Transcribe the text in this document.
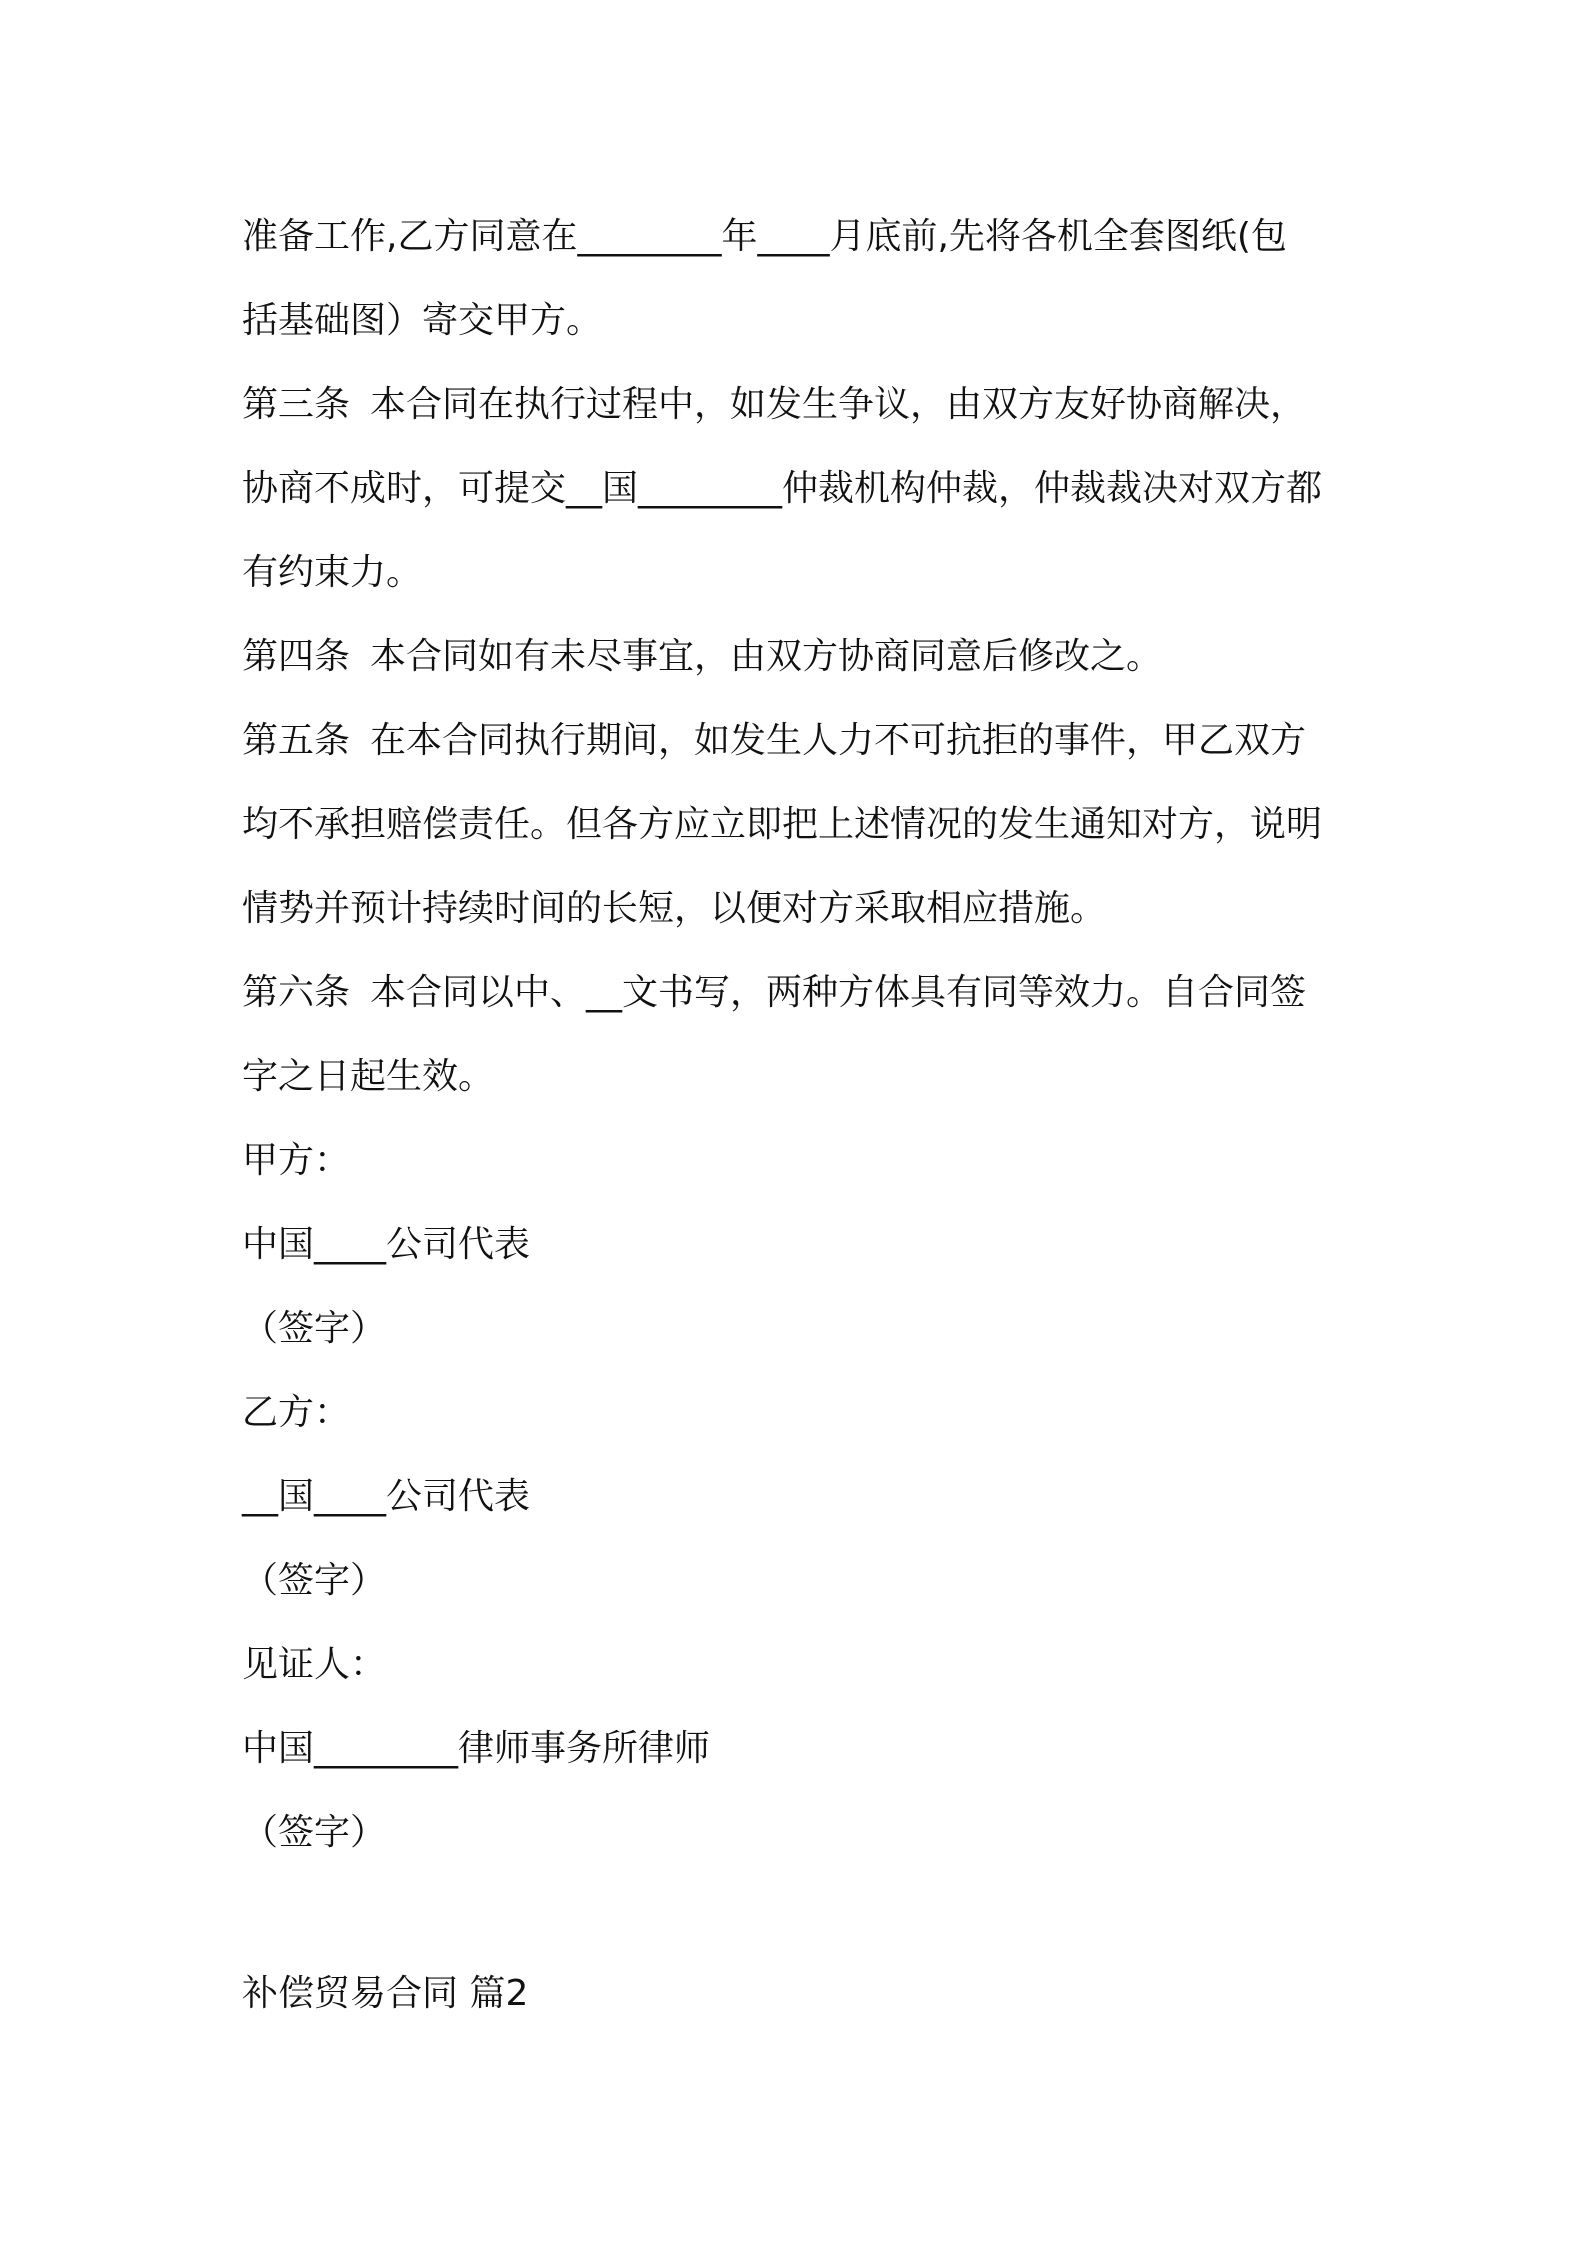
准备工作,乙方同意在________年____月底前,先将各机全套图纸(包
括基础图）寄交甲方。
第三条 本合同在执行过程中，如发生争议，由双方友好协商解决，
协商不成时，可提交__国________仲裁机构仲裁，仲裁裁决对双方都
有约束力。
第四条 本合同如有未尽事宜，由双方协商同意后修改之。
第五条 在本合同执行期间，如发生人力不可抗拒的事件，甲乙双方
均不承担赔偿责任。但各方应立即把上述情况的发生通知对方，说明
情势并预计持续时间的长短，以便对方采取相应措施。
第六条 本合同以中、__文书写，两种方体具有同等效力。自合同签
字之日起生效。
甲方：
中国____公司代表
（签字）
乙方：
__国____公司代表
（签字）
见证人：
中国________律师事务所律师
（签字）
补偿贸易合同 篇2
